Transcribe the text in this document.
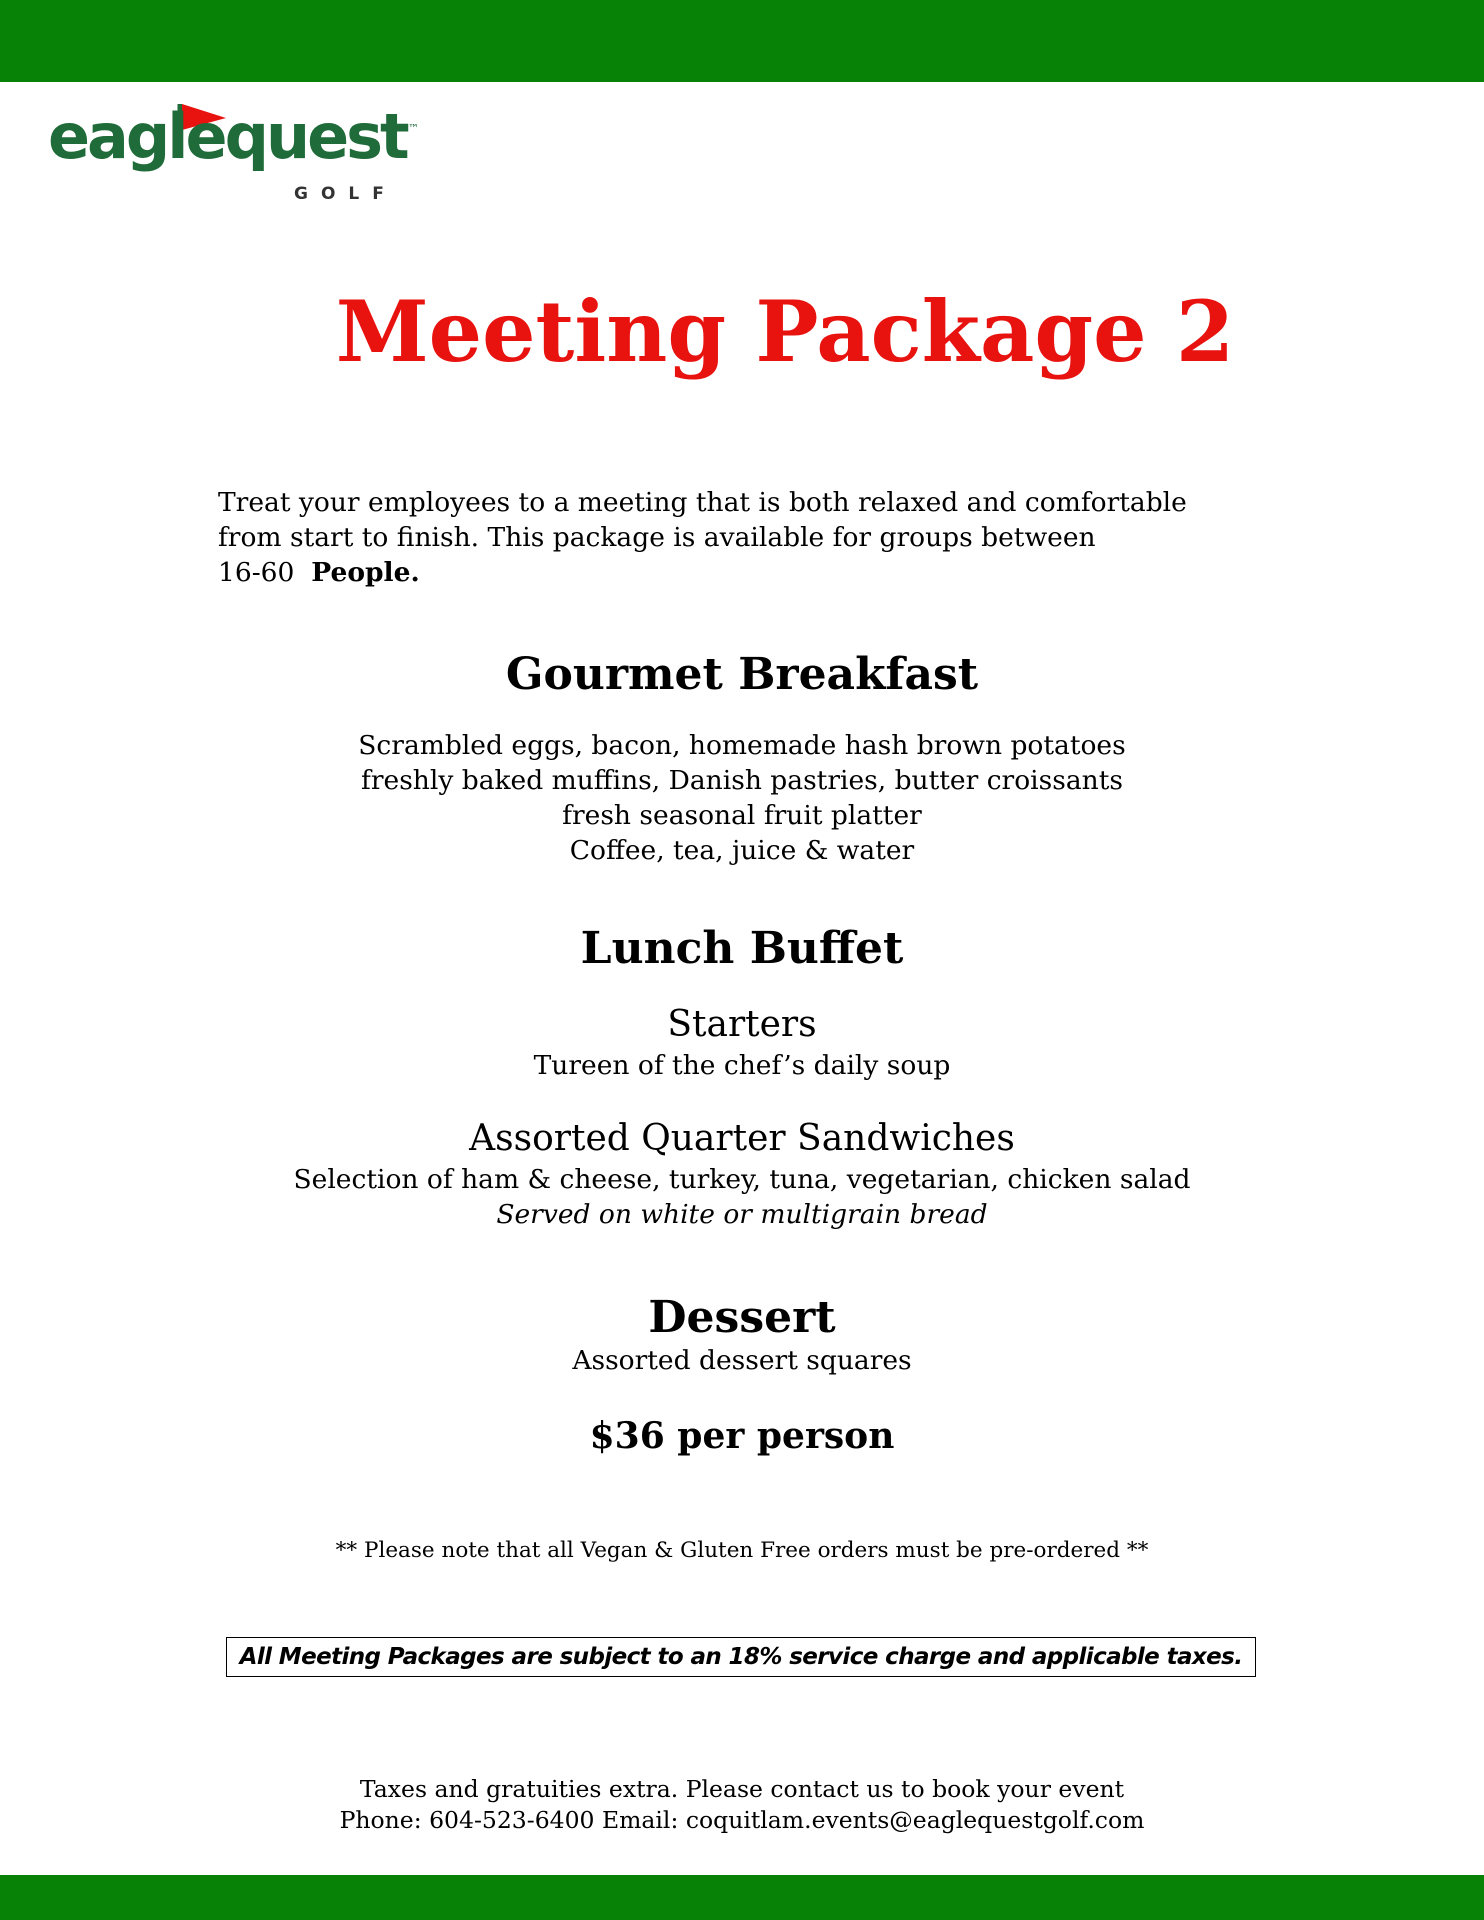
eaglequest ™
GOLF
Meeting Package 2
Treat your employees to a meeting that is both relaxed and comfortable
from start to finish. This package is available for groups between
16-60 People.
Gourmet Breakfast
Scrambled eggs, bacon, homemade hash brown potatoes
freshly baked muffins, Danish pastries, butter croissants
fresh seasonal fruit platter
Coffee, tea, juice & water
Lunch Buffet
Starters
Tureen of the chef’s daily soup
Assorted Quarter Sandwiches
Selection of ham & cheese, turkey, tuna, vegetarian, chicken salad
Served on white or multigrain bread
Dessert
Assorted dessert squares
$36 per person
** Please note that all Vegan & Gluten Free orders must be pre-ordered **
All Meeting Packages are subject to an 18% service charge and applicable taxes.
Taxes and gratuities extra. Please contact us to book your event
Phone: 604-523-6400 Email: coquitlam.events@eaglequestgolf.com
